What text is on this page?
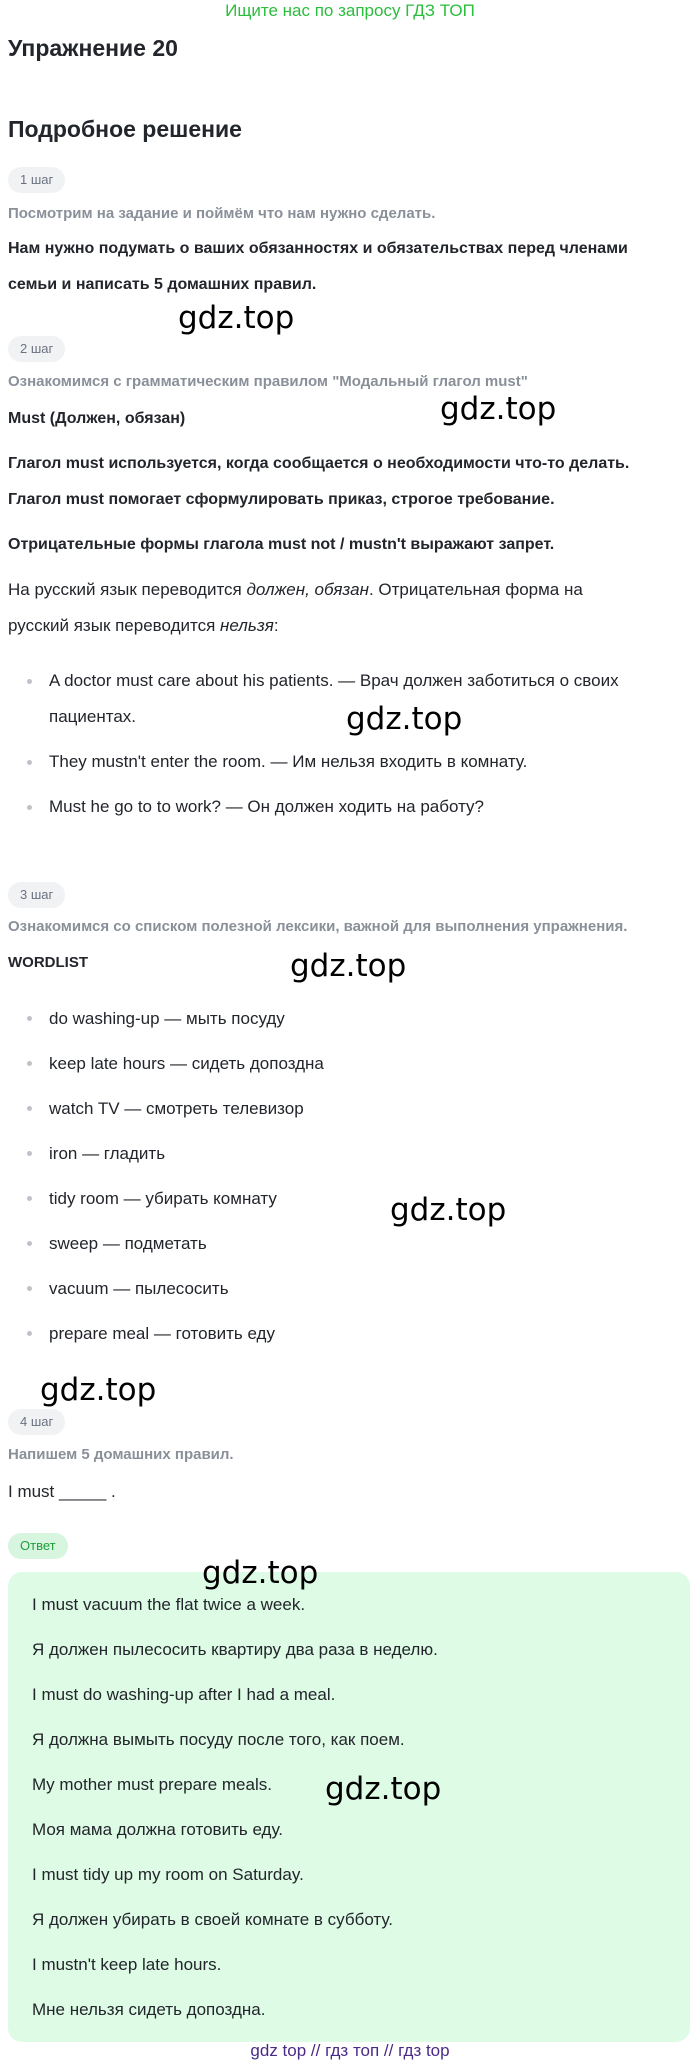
Ищите нас по запросу ГДЗ ТОП
Упражнение 20
Подробное решение
1 шаг
Посмотрим на задание и поймём что нам нужно сделать.
Нам нужно подумать о ваших обязанностях и обязательствах перед членами
семьи и написать 5 домашних правил.
gdz.top
2 шаг
Ознакомимся с грамматическим правилом "Модальный глагол must"
gdz.top
Must (Должен, обязан)
Глагол must используется, когда сообщается о необходимости что-то делать.
Глагол must помогает сформулировать приказ, строгое требование.
Отрицательные формы глагола must not / mustn't выражают запрет.
На русский язык переводится должен, обязан. Отрицательная форма на русский язык переводится нельзя:
A doctor must care about his patients. — Врач должен заботиться о своих пациентах.
They mustn't enter the room. — Им нельзя входить в комнату.
Must he go to to work? — Он должен ходить на работу?
gdz.top
3 шаг
Ознакомимся со списком полезной лексики, важной для выполнения упражнения.
WORDLIST	gdz.top
do washing-up — мыть посуду
keep late hours — сидеть допоздна
watch TV — смотреть телевизор
iron — гладить
tidy room — убирать комнату
sweep — подметать
vacuum — пылесосить
prepare meal — готовить еду
gdz.top
gdz.top
4 шаг
Напишем 5 домашних правил.
I must _____ .
Ответ

I must vacuum the flat twice a week.

Я должен пылесосить квартиру два раза в неделю.

I must do washing-up after I had a meal.

Я должна вымыть посуду после того, как поем.

My mother must prepare meals.

Моя мама должна готовить еду.

I must tidy up my room on Saturday.

Я должен убирать в своей комнате в субботу.

I mustn't keep late hours.

Мне нельзя сидеть допоздна.

gdz.top
gdz.top
gdz top // гдз топ // гдз top
